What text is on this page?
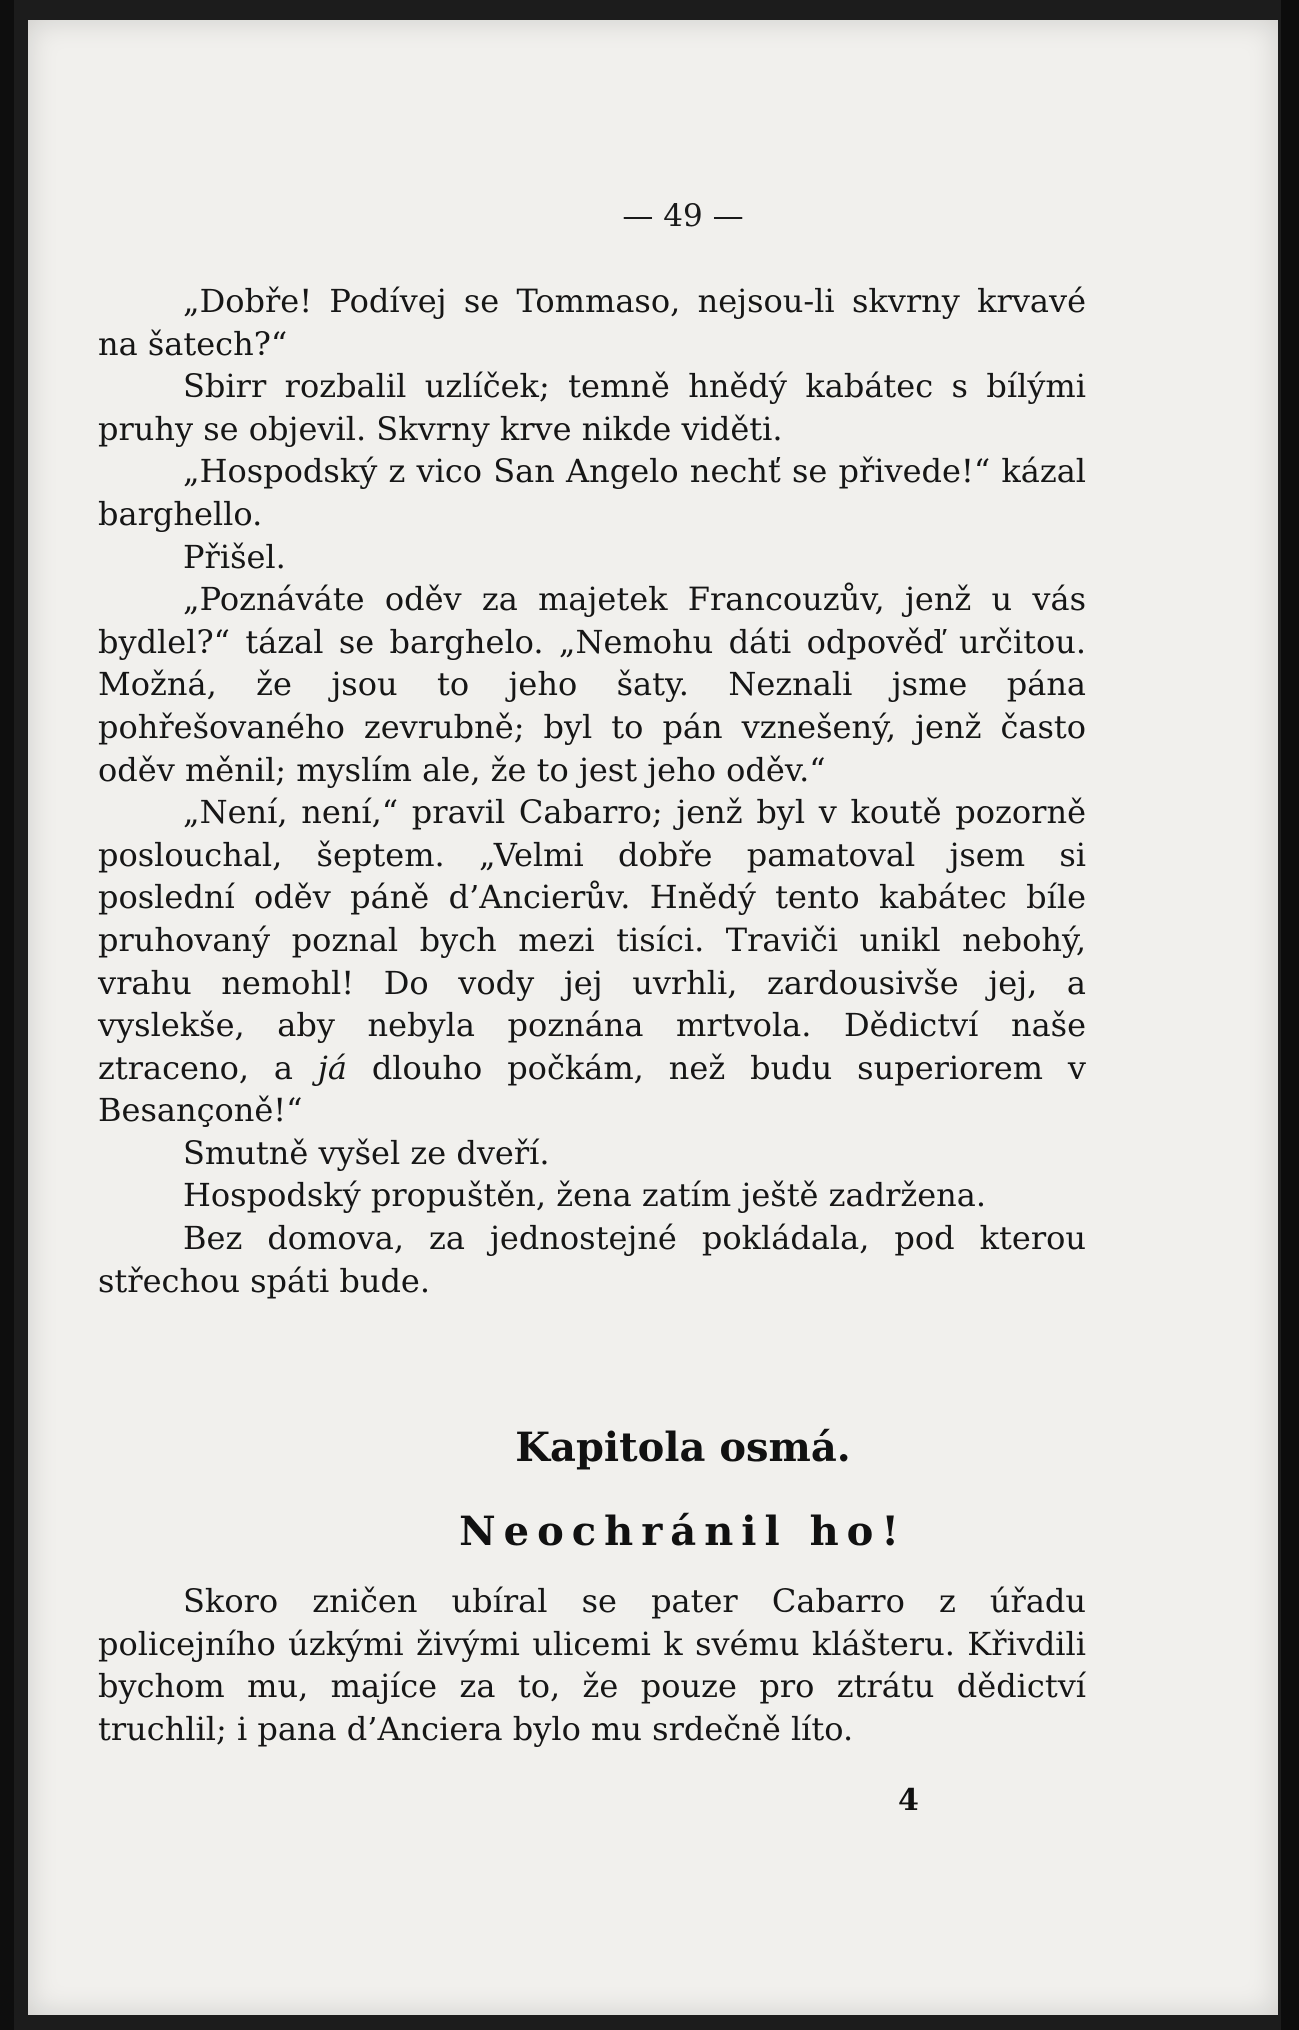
— 49 —

„Dobře! Podívej se Tommaso, nejsou-li skvrny krvavé na šatech?“

Sbirr rozbalil uzlíček; temně hnědý kabátec s bílými pruhy se objevil. Skvrny krve nikde viděti.

„Hospodský z vico San Angelo nechť se přivede!“ kázal barghello.

Přišel.

„Poznáváte oděv za majetek Francouzův, jenž u vás bydlel?“ tázal se barghelo. „Nemohu dáti odpověď určitou. Možná, že jsou to jeho šaty. Neznali jsme pána pohřešovaného zevrubně; byl to pán vznešený, jenž často oděv měnil; myslím ale, že to jest jeho oděv.“

„Není, není,“ pravil Cabarro; jenž byl v koutě pozorně poslouchal, šeptem. „Velmi dobře pamatoval jsem si poslední oděv páně d’Ancierův. Hnědý tento kabátec bíle pruhovaný poznal bych mezi tisíci. Traviči unikl nebohý, vrahu nemohl! Do vody jej uvrhli, zardousivše jej, a vyslekše, aby nebyla poznána mrtvola. Dědictví naše ztraceno, a já dlouho počkám, než budu superiorem v Besançoně!“

Smutně vyšel ze dveří.

Hospodský propuštěn, žena zatím ještě zadržena.

Bez domova, za jednostejné pokládala, pod kterou střechou spáti bude.

Kapitola osmá.
Neochránil ho!

Skoro zničen ubíral se pater Cabarro z úřadu policejního úzkými živými ulicemi k svému klášteru. Křivdili bychom mu, majíce za to, že pouze pro ztrátu dědictví truchlil; i pana d’Anciera bylo mu srdečně líto.

4
